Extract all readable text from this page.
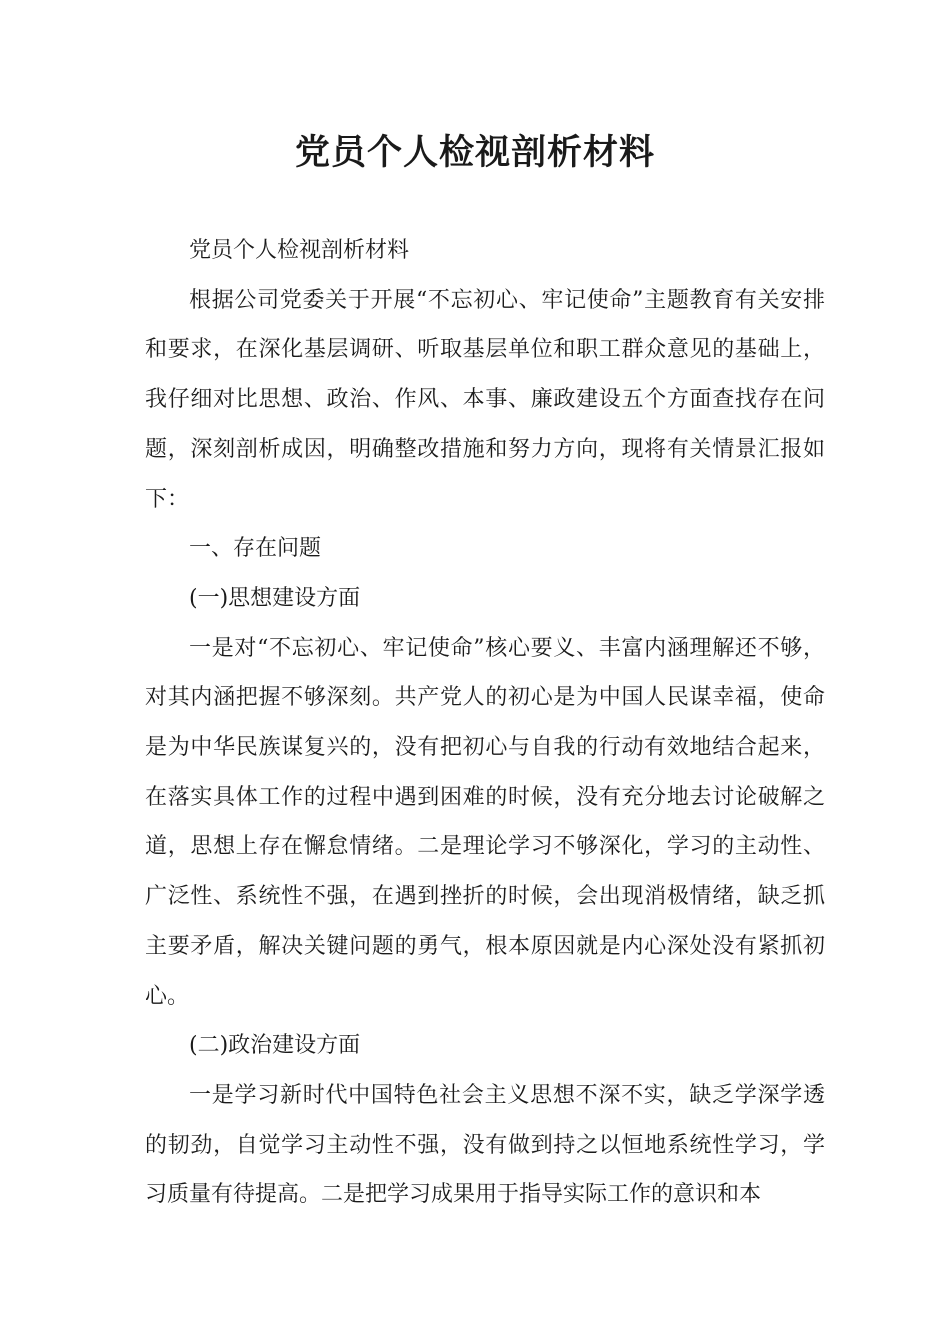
党员个人检视剖析材料

党员个人检视剖析材料

根据公司党委关于开展“不忘初心、牢记使命”主题教育有关安排和要求，在深化基层调研、听取基层单位和职工群众意见的基础上，我仔细对比思想、政治、作风、本事、廉政建设五个方面查找存在问题，深刻剖析成因，明确整改措施和努力方向，现将有关情景汇报如下：

一、存在问题

(一)思想建设方面

一是对“不忘初心、牢记使命”核心要义、丰富内涵理解还不够，对其内涵把握不够深刻。共产党人的初心是为中国人民谋幸福，使命是为中华民族谋复兴的，没有把初心与自我的行动有效地结合起来，在落实具体工作的过程中遇到困难的时候，没有充分地去讨论破解之道，思想上存在懈怠情绪。二是理论学习不够深化，学习的主动性、广泛性、系统性不强，在遇到挫折的时候，会出现消极情绪，缺乏抓主要矛盾，解决关键问题的勇气，根本原因就是内心深处没有紧抓初心。

(二)政治建设方面

一是学习新时代中国特色社会主义思想不深不实，缺乏学深学透的韧劲，自觉学习主动性不强，没有做到持之以恒地系统性学习，学习质量有待提高。二是把学习成果用于指导实际工作的意识和本
